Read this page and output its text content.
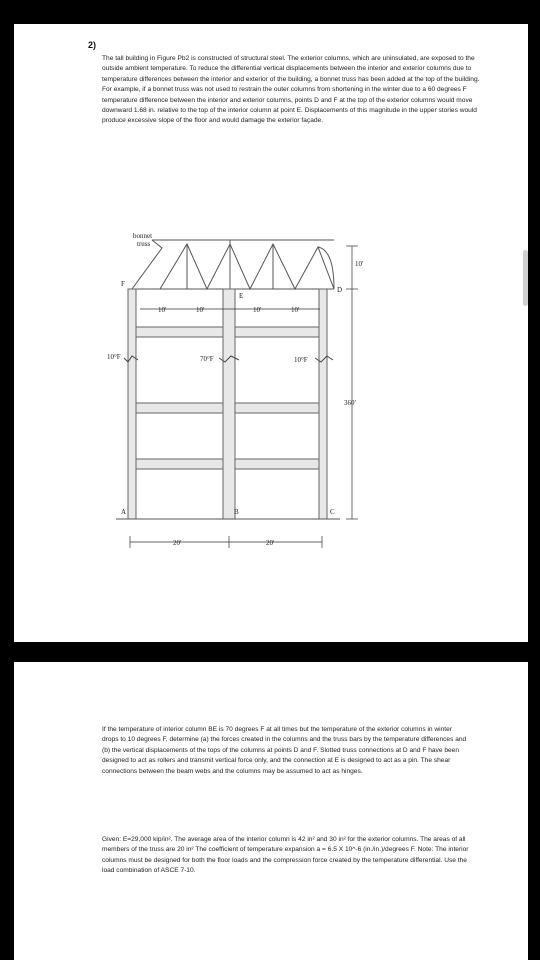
2)
The tall building in Figure Pb2 is constructed of structural steel. The exterior columns, which are uninsulated, are exposed to the outside ambient temperature. To reduce the differential vertical displacements between the interior and exterior columns due to temperature differences between the interior and exterior of the building, a bonnet truss has been added at the top of the building. For example, if a bonnet truss was not used to restrain the outer columns from shortening in the winter due to a 60 degrees F temperature difference between the interior and exterior columns, points D and F at the top of the exterior columns would move downward 1.68 in. relative to the top of the interior column at point E. Displacements of this magnitude in the upper stories would produce excessive slope of the floor and would damage the exterior façade.
bonnet
truss
F
D
E
A	B	C
10′	10′	10′	10′
10′
360′
10°F	70°F	10°F
20′	20′
If the temperature of interior column BE is 70 degrees F at all times but the temperature of the exterior columns in winter drops to 10 degrees F, determine (a) the forces created in the columns and the truss bars by the temperature differences and (b) the vertical displacements of the tops of the columns at points D and F. Slotted truss connections at D and F have been designed to act as rollers and transmit vertical force only, and the connection at E is designed to act as a pin. The shear connections between the beam webs and the columns may be assumed to act as hinges.
Given: E=29,000 kip/in². The average area of the interior column is 42 in² and 30 in² for the exterior columns. The areas of all members of the truss are 20 in² The coefficient of temperature expansion a = 6.5 X 10^-6 (in./in.)/degrees F. Note: The interior columns must be designed for both the floor loads and the compression force created by the temperature differential. Use the load combination of ASCE 7-10.
